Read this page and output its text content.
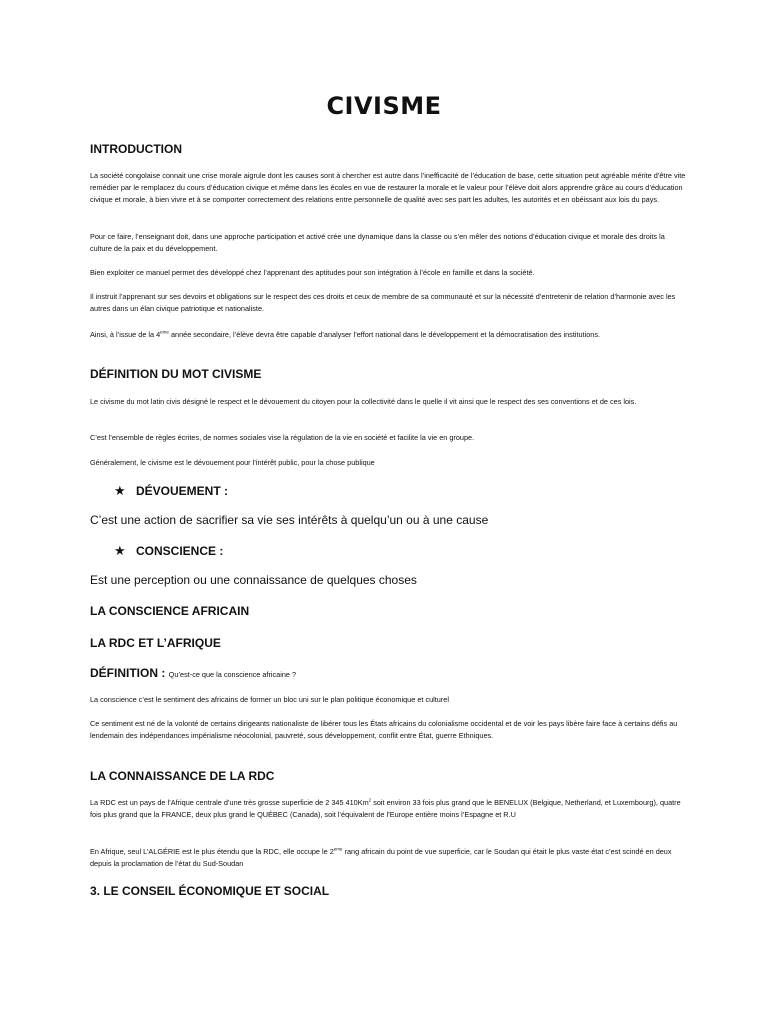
CIVISME
INTRODUCTION

La société congolaise connait une crise morale aigrule dont les causes sont à chercher est autre dans l’inefficacité de l’éducation de base, cette situation peut agréable mérite d’être vite remédier par le remplacez du cours d’éducation civique et même dans les écoles en vue de restaurer la morale et le valeur pour l’élève doit alors apprendre grâce au cours d’éducation civique et morale, à bien vivre et à se comporter correctement des relations entre personnelle de qualité avec ses part les adultes, les autorités et en obéissant aux lois du pays.

Pour ce faire, l’enseignant doit, dans une approche participation et activé crée une dynamique dans la classe ou s’en mêler des notions d’éducation civique et morale des droits la culture de la paix et du développement.

Bien exploiter ce manuel permet des développé chez l’apprenant des aptitudes pour son intégration à l’école en famille et dans la société.

Il instruit l’apprenant sur ses devoirs et obligations sur le respect des ces droits et ceux de membre de sa communauté et sur la nécessité d’entretenir de relation d’harmonie avec les autres dans un élan civique patriotique et nationaliste.

Ainsi, à l’issue de la 4eme année secondaire, l’élève devra être capable d’analyser l’effort national dans le développement et la démocratisation des institutions.

DÉFINITION DU MOT CIVISME

Le civisme du mot latin civis désigné le respect et le dévouement du citoyen pour la collectivité dans le quelle il vit ainsi que le respect des ses conventions et de ces lois.

C’est l’ensemble de règles écrites, de normes sociales vise la régulation de la vie en société et facilite la vie en groupe.

Généralement, le civisme est le dévouement pour l’intérêt public, pour la chose publique

★ DÉVOUEMENT :

C’est une action de sacrifier sa vie ses intérêts à quelqu’un ou à une cause

★ CONSCIENCE :

Est une perception ou une connaissance de quelques choses

LA CONSCIENCE AFRICAIN
LA RDC ET L’AFRIQUE

DÉFINITION : Qu’est-ce que la conscience africaine ?

La conscience c’est le sentiment des africains de former un bloc uni sur le plan politique économique et culturel

Ce sentiment est né de la volonté de certains dirigeants nationaliste de libérer tous les États africains du colonialisme occidental et de voir les pays libère faire face à certains défis au lendemain des indépendances impérialisme néocolonial, pauvreté, sous développement, conflit entre État, guerre Ethniques.

LA CONNAISSANCE DE LA RDC

La RDC est un pays de l’Afrique centrale d’une très grosse superficie de 2 345 410Km$^2$ soit environ 33 fois plus grand que le BENELUX (Belgique, Netherland, et Luxembourg), quatre fois plus grand que la FRANCE, deux plus grand le QUÉBEC (Canada), soit l’équivalent de l’Europe entière moins l’Espagne et R.U

En Afrique, seul L’ALGÉRIE est le plus étendu que la RDC, elle occupe le 2eme rang africain du point de vue superficie, car le Soudan qui était le plus vaste état c’est scindé en deux depuis la proclamation de l’état du Sud-Soudan

3. LE CONSEIL ÉCONOMIQUE ET SOCIAL
